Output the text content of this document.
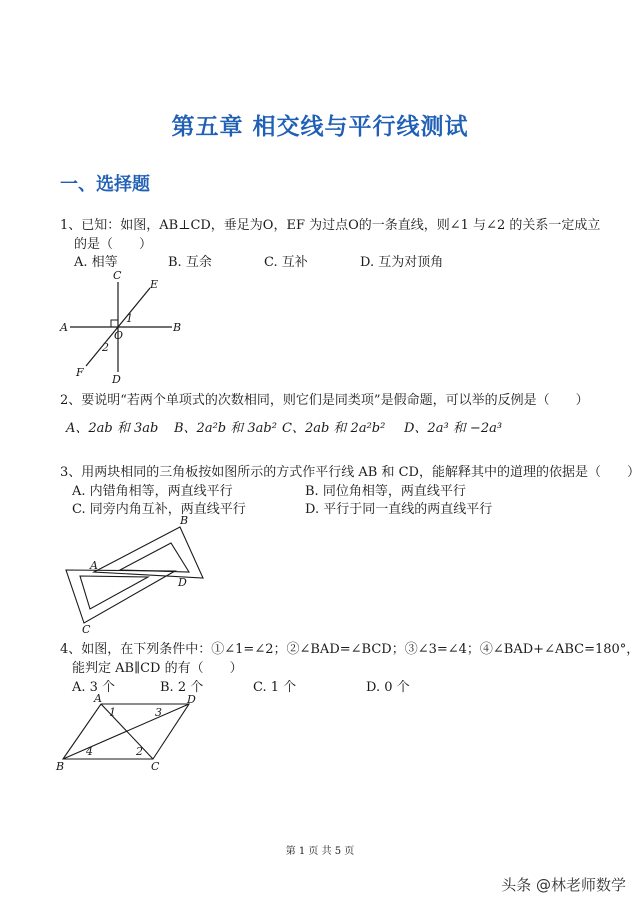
第五章 相交线与平行线测试
一、选择题
1、已知：如图，AB⊥CD，垂足为O，EF 为过点O的一条直线，则∠1 与∠2 的关系一定成立
的是（　　）
A. 相等	B. 互余	C. 互补	D. 互为对顶角
A	B
C
D
E
F
O
1
2
2、要说明“若两个单项式的次数相同，则它们是同类项”是假命题，可以举的反例是（　　）
A、2ab 和 3ab B、2a²b 和 3ab² C、2ab 和 2a²b² D、2a³ 和 −2a³
3、用两块相同的三角板按如图所示的方式作平行线 AB 和 CD，能解释其中的道理的依据是（　　）
A. 内错角相等，两直线平行	B. 同位角相等，两直线平行
C. 同旁内角互补，两直线平行	D. 平行于同一直线的两直线平行
A
B
C
D
4、如图，在下列条件中：①∠1=∠2；②∠BAD=∠BCD；③∠3=∠4；④∠BAD+∠ABC=180°，
能判定 AB∥CD 的有（　　）
A. 3 个	B. 2 个	C. 1 个	D. 0 个
A	D
B	C
1	3
4	2
第 1 页 共 5 页
头条 @林老师数学
